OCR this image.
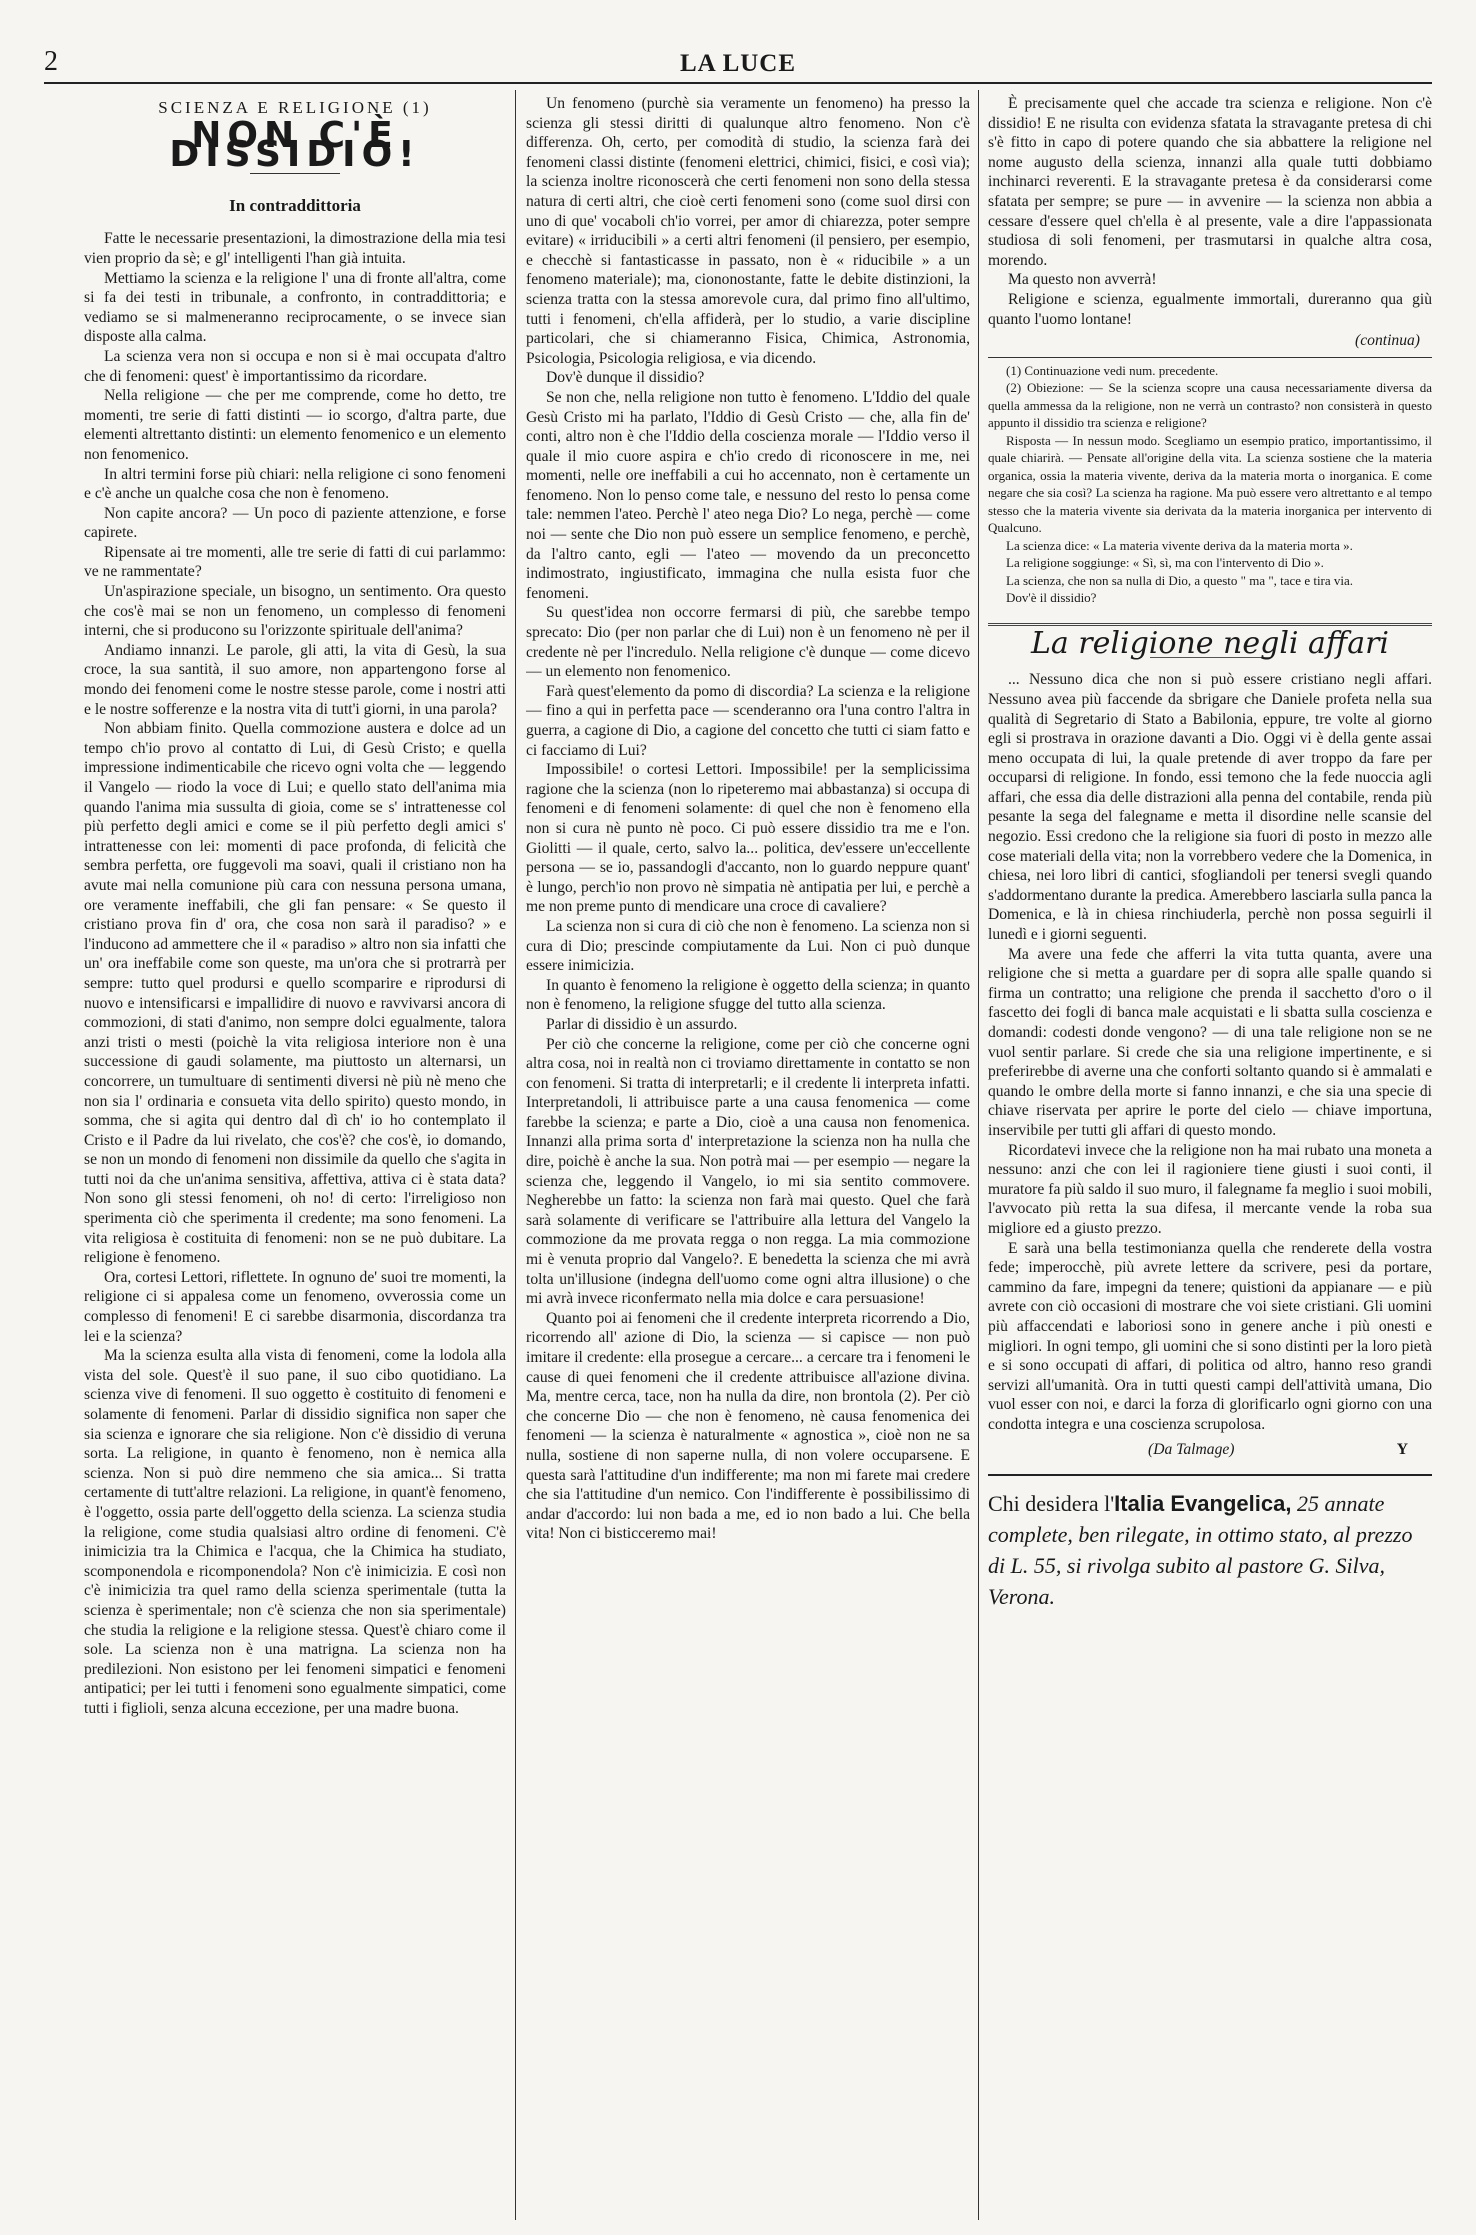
2	LA LUCE
SCIENZA E RELIGIONE (1)
NON C'È DISSIDIO!
In contraddittoria

Fatte le necessarie presentazioni, la dimostrazione della mia tesi vien proprio da sè; e gl' intelligenti l'han già intuita.

Mettiamo la scienza e la religione l' una di fronte all'altra, come si fa dei testi in tribunale, a confronto, in contraddittoria; e vediamo se si malmeneranno reciprocamente, o se invece sian disposte alla calma.

La scienza vera non si occupa e non si è mai occupata d'altro che di fenomeni: quest' è importantissimo da ricordare.

Nella religione — che per me comprende, come ho detto, tre momenti, tre serie di fatti distinti — io scorgo, d'altra parte, due elementi altrettanto distinti: un elemento fenomenico e un elemento non fenomenico.

In altri termini forse più chiari: nella religione ci sono fenomeni e c'è anche un qualche cosa che non è fenomeno.

Non capite ancora? — Un poco di paziente attenzione, e forse capirete.

Ripensate ai tre momenti, alle tre serie di fatti di cui parlammo: ve ne rammentate?

Un'aspirazione speciale, un bisogno, un sentimento. Ora questo che cos'è mai se non un fenomeno, un complesso di fenomeni interni, che si producono su l'orizzonte spirituale dell'anima?

Andiamo innanzi. Le parole, gli atti, la vita di Gesù, la sua croce, la sua santità, il suo amore, non appartengono forse al mondo dei fenomeni come le nostre stesse parole, come i nostri atti e le nostre sofferenze e la nostra vita di tutt'i giorni, in una parola?

Non abbiam finito. Quella commozione austera e dolce ad un tempo ch'io provo al contatto di Lui, di Gesù Cristo; e quella impressione indimenticabile che ricevo ogni volta che — leggendo il Vangelo — riodo la voce di Lui; e quello stato dell'anima mia quando l'anima mia sussulta di gioia, come se s' intrattenesse col più perfetto degli amici e come se il più perfetto degli amici s' intrattenesse con lei: momenti di pace profonda, di felicità che sembra perfetta, ore fuggevoli ma soavi, quali il cristiano non ha avute mai nella comunione più cara con nessuna persona umana, ore veramente ineffabili, che gli fan pensare: « Se questo il cristiano prova fin d' ora, che cosa non sarà il paradiso? » e l'inducono ad ammettere che il « paradiso » altro non sia infatti che un' ora ineffabile come son queste, ma un'ora che si protrarrà per sempre: tutto quel prodursi e quello scomparire e riprodursi di nuovo e intensificarsi e impallidire di nuovo e ravvivarsi ancora di commozioni, di stati d'animo, non sempre dolci egualmente, talora anzi tristi o mesti (poichè la vita religiosa interiore non è una successione di gaudi solamente, ma piuttosto un alternarsi, un concorrere, un tumultuare di sentimenti diversi nè più nè meno che non sia l' ordinaria e consueta vita dello spirito) questo mondo, in somma, che si agita qui dentro dal dì ch' io ho contemplato il Cristo e il Padre da lui rivelato, che cos'è? che cos'è, io domando, se non un mondo di fenomeni non dissimile da quello che s'agita in tutti noi da che un'anima sensitiva, affettiva, attiva ci è stata data? Non sono gli stessi fenomeni, oh no! di certo: l'irreligioso non sperimenta ciò che sperimenta il credente; ma sono fenomeni. La vita religiosa è costituita di fenomeni: non se ne può dubitare. La religione è fenomeno.

Ora, cortesi Lettori, riflettete. In ognuno de' suoi tre momenti, la religione ci si appalesa come un fenomeno, ovverossia come un complesso di fenomeni! E ci sarebbe disarmonia, discordanza tra lei e la scienza?

Ma la scienza esulta alla vista di fenomeni, come la lodola alla vista del sole. Quest'è il suo pane, il suo cibo quotidiano. La scienza vive di fenomeni. Il suo oggetto è costituito di fenomeni e solamente di fenomeni. Parlar di dissidio significa non saper che sia scienza e ignorare che sia religione. Non c'è dissidio di veruna sorta. La religione, in quanto è fenomeno, non è nemica alla scienza. Non si può dire nemmeno che sia amica... Si tratta certamente di tutt'altre relazioni. La religione, in quant'è fenomeno, è l'oggetto, ossia parte dell'oggetto della scienza. La scienza studia la religione, come studia qualsiasi altro ordine di fenomeni. C'è inimicizia tra la Chimica e l'acqua, che la Chimica ha studiato, scomponendola e ricomponendola? Non c'è inimicizia. E così non c'è inimicizia tra quel ramo della scienza sperimentale (tutta la scienza è sperimentale; non c'è scienza che non sia sperimentale) che studia la religione e la religione stessa. Quest'è chiaro come il sole. La scienza non è una matrigna. La scienza non ha predilezioni. Non esistono per lei fenomeni simpatici e fenomeni antipatici; per lei tutti i fenomeni sono egualmente simpatici, come tutti i figlioli, senza alcuna eccezione, per una madre buona.

Un fenomeno (purchè sia veramente un fenomeno) ha presso la scienza gli stessi diritti di qualunque altro fenomeno. Non c'è differenza. Oh, certo, per comodità di studio, la scienza farà dei fenomeni classi distinte (fenomeni elettrici, chimici, fisici, e così via); la scienza inoltre riconoscerà che certi fenomeni non sono della stessa natura di certi altri, che cioè certi fenomeni sono (come suol dirsi con uno di que' vocaboli ch'io vorrei, per amor di chiarezza, poter sempre evitare) « irriducibili » a certi altri fenomeni (il pensiero, per esempio, e checchè si fantasticasse in passato, non è « riducibile » a un fenomeno materiale); ma, ciononostante, fatte le debite distinzioni, la scienza tratta con la stessa amorevole cura, dal primo fino all'ultimo, tutti i fenomeni, ch'ella affiderà, per lo studio, a varie discipline particolari, che si chiameranno Fisica, Chimica, Astronomia, Psicologia, Psicologia religiosa, e via dicendo.

Dov'è dunque il dissidio?

Se non che, nella religione non tutto è fenomeno. L'Iddio del quale Gesù Cristo mi ha parlato, l'Iddio di Gesù Cristo — che, alla fin de' conti, altro non è che l'Iddio della coscienza morale — l'Iddio verso il quale il mio cuore aspira e ch'io credo di riconoscere in me, nei momenti, nelle ore ineffabili a cui ho accennato, non è certamente un fenomeno. Non lo penso come tale, e nessuno del resto lo pensa come tale: nemmen l'ateo. Perchè l' ateo nega Dio? Lo nega, perchè — come noi — sente che Dio non può essere un semplice fenomeno, e perchè, da l'altro canto, egli — l'ateo — movendo da un preconcetto indimostrato, ingiustificato, immagina che nulla esista fuor che fenomeni.

Su quest'idea non occorre fermarsi di più, che sarebbe tempo sprecato: Dio (per non parlar che di Lui) non è un fenomeno nè per il credente nè per l'incredulo. Nella religione c'è dunque — come dicevo — un elemento non fenomenico.

Farà quest'elemento da pomo di discordia? La scienza e la religione — fino a qui in perfetta pace — scenderanno ora l'una contro l'altra in guerra, a cagione di Dio, a cagione del concetto che tutti ci siam fatto e ci facciamo di Lui?

Impossibile! o cortesi Lettori. Impossibile! per la semplicissima ragione che la scienza (non lo ripeteremo mai abbastanza) si occupa di fenomeni e di fenomeni solamente: di quel che non è fenomeno ella non si cura nè punto nè poco. Ci può essere dissidio tra me e l'on. Giolitti — il quale, certo, salvo la... politica, dev'essere un'eccellente persona — se io, passandogli d'accanto, non lo guardo neppure quant' è lungo, perch'io non provo nè simpatia nè antipatia per lui, e perchè a me non preme punto di mendicare una croce di cavaliere?

La scienza non si cura di ciò che non è fenomeno. La scienza non si cura di Dio; prescinde compiutamente da Lui. Non ci può dunque essere inimicizia.

In quanto è fenomeno la religione è oggetto della scienza; in quanto non è fenomeno, la religione sfugge del tutto alla scienza.

Parlar di dissidio è un assurdo.

Per ciò che concerne la religione, come per ciò che concerne ogni altra cosa, noi in realtà non ci troviamo direttamente in contatto se non con fenomeni. Si tratta di interpretarli; e il credente li interpreta infatti. Interpretandoli, li attribuisce parte a una causa fenomenica — come farebbe la scienza; e parte a Dio, cioè a una causa non fenomenica. Innanzi alla prima sorta d' interpretazione la scienza non ha nulla che dire, poichè è anche la sua. Non potrà mai — per esempio — negare la scienza che, leggendo il Vangelo, io mi sia sentito commovere. Negherebbe un fatto: la scienza non farà mai questo. Quel che farà sarà solamente di verificare se l'attribuire alla lettura del Vangelo la commozione da me provata regga o non regga. La mia commozione mi è venuta proprio dal Vangelo?. E benedetta la scienza che mi avrà tolta un'illusione (indegna dell'uomo come ogni altra illusione) o che mi avrà invece riconfermato nella mia dolce e cara persuasione!

Quanto poi ai fenomeni che il credente interpreta ricorrendo a Dio, ricorrendo all' azione di Dio, la scienza — si capisce — non può imitare il credente: ella prosegue a cercare... a cercare tra i fenomeni le cause di quei fenomeni che il credente attribuisce all'azione divina. Ma, mentre cerca, tace, non ha nulla da dire, non brontola (2). Per ciò che concerne Dio — che non è fenomeno, nè causa fenomenica dei fenomeni — la scienza è naturalmente « agnostica », cioè non ne sa nulla, sostiene di non saperne nulla, di non volere occuparsene. E questa sarà l'attitudine d'un indifferente; ma non mi farete mai credere che sia l'attitudine d'un nemico. Con l'indifferente è possibilissimo di andar d'accordo: lui non bada a me, ed io non bado a lui. Che bella vita! Non ci bisticceremo mai!

È precisamente quel che accade tra scienza e religione. Non c'è dissidio! E ne risulta con evidenza sfatata la stravagante pretesa di chi s'è fitto in capo di potere quando che sia abbattere la religione nel nome augusto della scienza, innanzi alla quale tutti dobbiamo inchinarci reverenti. E la stravagante pretesa è da considerarsi come sfatata per sempre; se pure — in avvenire — la scienza non abbia a cessare d'essere quel ch'ella è al presente, vale a dire l'appassionata studiosa di soli fenomeni, per trasmutarsi in qualche altra cosa, morendo.

Ma questo non avverrà!

Religione e scienza, egualmente immortali, dureranno qua giù quanto l'uomo lontane!

(continua)

(1) Continuazione vedi num. precedente.

(2) Obiezione: — Se la scienza scopre una causa necessariamente diversa da quella ammessa da la religione, non ne verrà un contrasto? non consisterà in questo appunto il dissidio tra scienza e religione?

Risposta — In nessun modo. Scegliamo un esempio pratico, importantissimo, il quale chiarirà. — Pensate all'origine della vita. La scienza sostiene che la materia organica, ossia la materia vivente, deriva da la materia morta o inorganica. E come negare che sia così? La scienza ha ragione. Ma può essere vero altrettanto e al tempo stesso che la materia vivente sia derivata da la materia inorganica per intervento di Qualcuno.

La scienza dice: « La materia vivente deriva da la materia morta ».

La religione soggiunge: « Sì, sì, ma con l'intervento di Dio ».

La scienza, che non sa nulla di Dio, a questo " ma ", tace e tira via.

Dov'è il dissidio?

La religione negli affari

... Nessuno dica che non si può essere cristiano negli affari. Nessuno avea più faccende da sbrigare che Daniele profeta nella sua qualità di Segretario di Stato a Babilonia, eppure, tre volte al giorno egli si prostrava in orazione davanti a Dio. Oggi vi è della gente assai meno occupata di lui, la quale pretende di aver troppo da fare per occuparsi di religione. In fondo, essi temono che la fede nuoccia agli affari, che essa dia delle distrazioni alla penna del contabile, renda più pesante la sega del falegname e metta il disordine nelle scansie del negozio. Essi credono che la religione sia fuori di posto in mezzo alle cose materiali della vita; non la vorrebbero vedere che la Domenica, in chiesa, nei loro libri di cantici, sfogliandoli per tenersi svegli quando s'addormentano durante la predica. Amerebbero lasciarla sulla panca la Domenica, e là in chiesa rinchiuderla, perchè non possa seguirli il lunedì e i giorni seguenti.

Ma avere una fede che afferri la vita tutta quanta, avere una religione che si metta a guardare per di sopra alle spalle quando si firma un contratto; una religione che prenda il sacchetto d'oro o il fascetto dei fogli di banca male acquistati e li sbatta sulla coscienza e domandi: codesti donde vengono? — di una tale religione non se ne vuol sentir parlare. Si crede che sia una religione impertinente, e si preferirebbe di averne una che conforti soltanto quando si è ammalati e quando le ombre della morte si fanno innanzi, e che sia una specie di chiave riservata per aprire le porte del cielo — chiave importuna, inservibile per tutti gli affari di questo mondo.

Ricordatevi invece che la religione non ha mai rubato una moneta a nessuno: anzi che con lei il ragioniere tiene giusti i suoi conti, il muratore fa più saldo il suo muro, il falegname fa meglio i suoi mobili, l'avvocato più retta la sua difesa, il mercante vende la roba sua migliore ed a giusto prezzo.

E sarà una bella testimonianza quella che renderete della vostra fede; imperocchè, più avrete lettere da scrivere, pesi da portare, cammino da fare, impegni da tenere; quistioni da appianare — e più avrete con ciò occasioni di mostrare che voi siete cristiani. Gli uomini più affaccendati e laboriosi sono in genere anche i più onesti e migliori. In ogni tempo, gli uomini che si sono distinti per la loro pietà e si sono occupati di affari, di politica od altro, hanno reso grandi servizi all'umanità. Ora in tutti questi campi dell'attività umana, Dio vuol esser con noi, e darci la forza di glorificarlo ogni giorno con una condotta integra e una coscienza scrupolosa.

(Da Talmage)	Y
Chi desidera l'Italia Evangelica, 25 annate complete, ben rilegate, in ottimo stato, al prezzo di L. 55, si rivolga subito al pastore G. Silva, Verona.
